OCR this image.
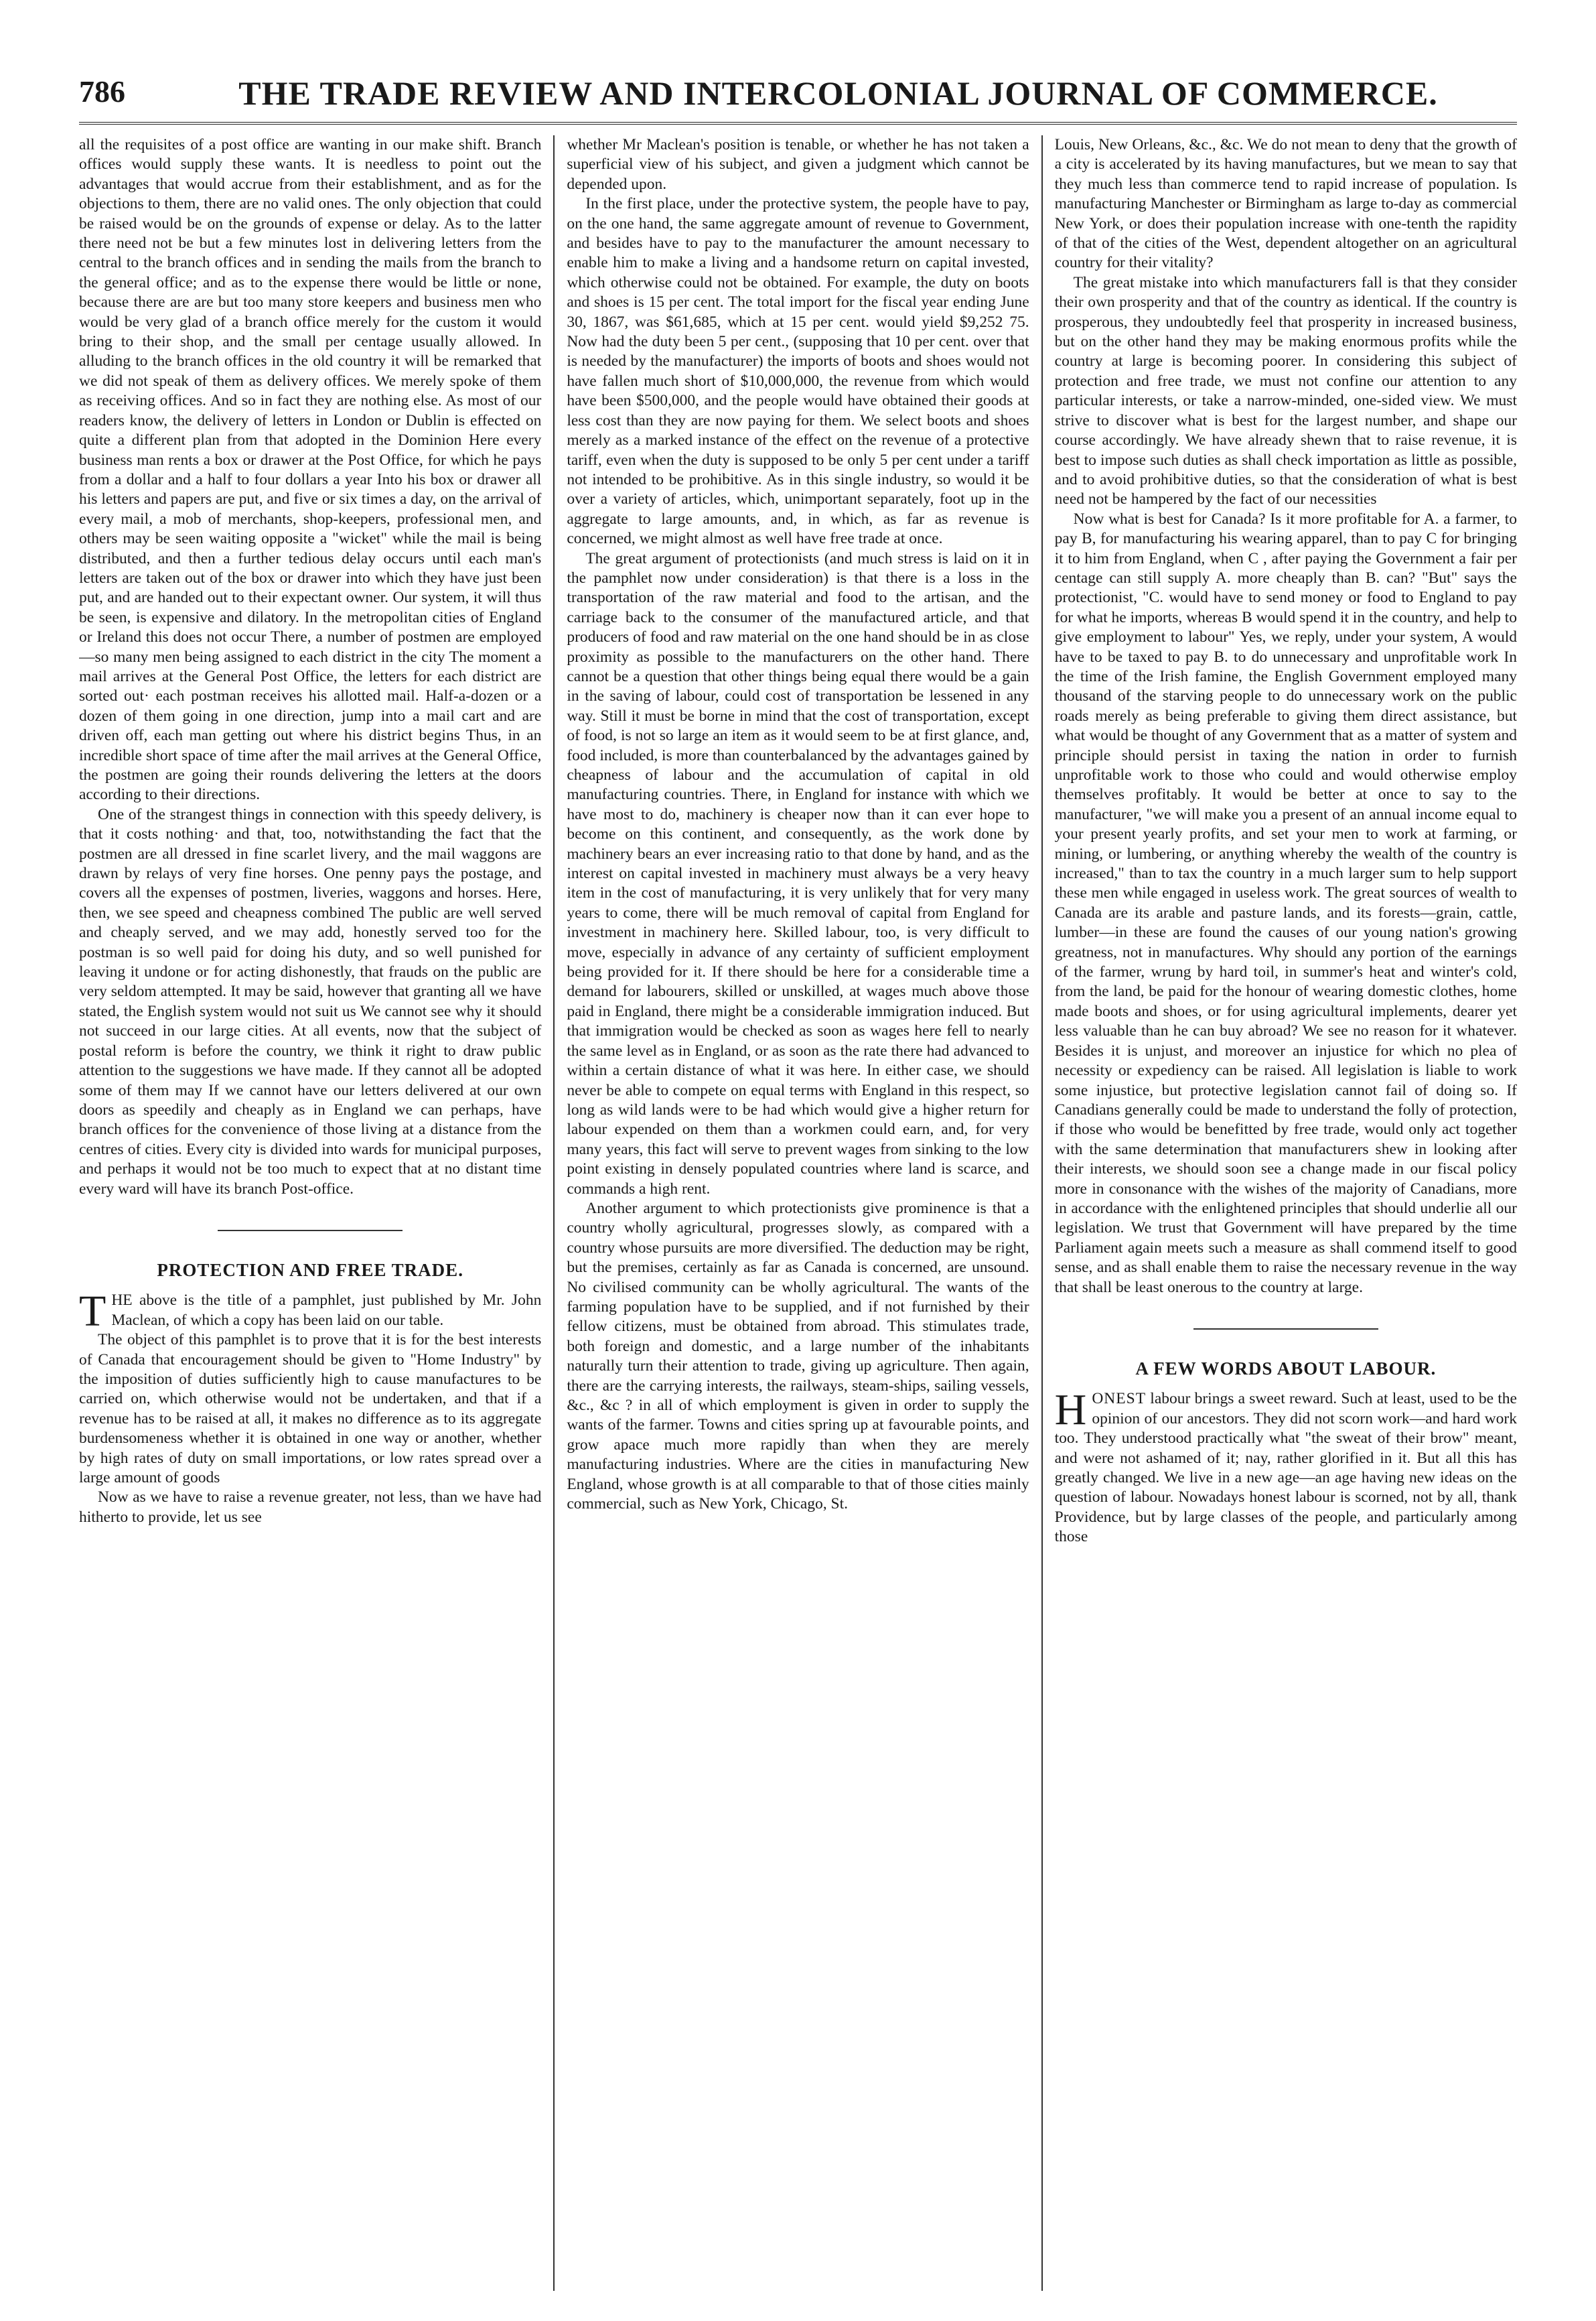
786	THE TRADE REVIEW AND INTERCOLONIAL JOURNAL OF COMMERCE.

all the requisites of a post office are wanting in our make shift. Branch offices would supply these wants. It is needless to point out the advantages that would accrue from their establishment, and as for the objections to them, there are no valid ones. The only objection that could be raised would be on the grounds of expense or delay. As to the latter there need not be but a few minutes lost in delivering letters from the central to the branch offices and in sending the mails from the branch to the general office; and as to the expense there would be little or none, because there are are but too many store keepers and business men who would be very glad of a branch office merely for the custom it would bring to their shop, and the small per centage usually allowed. In alluding to the branch offices in the old country it will be remarked that we did not speak of them as delivery offices. We merely spoke of them as receiving offices. And so in fact they are nothing else. As most of our readers know, the delivery of letters in London or Dublin is effected on quite a different plan from that adopted in the Dominion Here every business man rents a box or drawer at the Post Office, for which he pays from a dollar and a half to four dollars a year Into his box or drawer all his letters and papers are put, and five or six times a day, on the arrival of every mail, a mob of merchants, shop-keepers, professional men, and others may be seen waiting opposite a "wicket" while the mail is being distributed, and then a further tedious delay occurs until each man's letters are taken out of the box or drawer into which they have just been put, and are handed out to their expectant owner. Our system, it will thus be seen, is expensive and dilatory. In the metropolitan cities of England or Ireland this does not occur There, a number of postmen are employed—so many men being assigned to each district in the city The moment a mail arrives at the General Post Office, the letters for each district are sorted out· each postman receives his allotted mail. Half-a-dozen or a dozen of them going in one direction, jump into a mail cart and are driven off, each man getting out where his district begins Thus, in an incredible short space of time after the mail arrives at the General Office, the postmen are going their rounds delivering the letters at the doors according to their directions.

One of the strangest things in connection with this speedy delivery, is that it costs nothing· and that, too, notwithstanding the fact that the postmen are all dressed in fine scarlet livery, and the mail waggons are drawn by relays of very fine horses. One penny pays the postage, and covers all the expenses of postmen, liveries, waggons and horses. Here, then, we see speed and cheapness combined The public are well served and cheaply served, and we may add, honestly served too for the postman is so well paid for doing his duty, and so well punished for leaving it undone or for acting dishonestly, that frauds on the public are very seldom attempted. It may be said, however that granting all we have stated, the English system would not suit us We cannot see why it should not succeed in our large cities. At all events, now that the subject of postal reform is before the country, we think it right to draw public attention to the suggestions we have made. If they cannot all be adopted some of them may If we cannot have our letters delivered at our own doors as speedily and cheaply as in England we can perhaps, have branch offices for the convenience of those living at a distance from the centres of cities. Every city is divided into wards for municipal purposes, and perhaps it would not be too much to expect that at no distant time every ward will have its branch Post-office.

PROTECTION AND FREE TRADE.

THE above is the title of a pamphlet, just published by Mr. John Maclean, of which a copy has been laid on our table.

The object of this pamphlet is to prove that it is for the best interests of Canada that encouragement should be given to "Home Industry" by the imposition of duties sufficiently high to cause manufactures to be carried on, which otherwise would not be undertaken, and that if a revenue has to be raised at all, it makes no difference as to its aggregate burdensomeness whether it is obtained in one way or another, whether by high rates of duty on small importations, or low rates spread over a large amount of goods

Now as we have to raise a revenue greater, not less, than we have had hitherto to provide, let us see

whether Mr Maclean's position is tenable, or whether he has not taken a superficial view of his subject, and given a judgment which cannot be depended upon.

In the first place, under the protective system, the people have to pay, on the one hand, the same aggregate amount of revenue to Government, and besides have to pay to the manufacturer the amount necessary to enable him to make a living and a handsome return on capital invested, which otherwise could not be obtained. For example, the duty on boots and shoes is 15 per cent. The total import for the fiscal year ending June 30, 1867, was $61,685, which at 15 per cent. would yield $9,252 75. Now had the duty been 5 per cent., (supposing that 10 per cent. over that is needed by the manufacturer) the imports of boots and shoes would not have fallen much short of $10,000,000, the revenue from which would have been $500,000, and the people would have obtained their goods at less cost than they are now paying for them. We select boots and shoes merely as a marked instance of the effect on the revenue of a protective tariff, even when the duty is supposed to be only 5 per cent under a tariff not intended to be prohibitive. As in this single industry, so would it be over a variety of articles, which, unimportant separately, foot up in the aggregate to large amounts, and, in which, as far as revenue is concerned, we might almost as well have free trade at once.

The great argument of protectionists (and much stress is laid on it in the pamphlet now under consideration) is that there is a loss in the transportation of the raw material and food to the artisan, and the carriage back to the consumer of the manufactured article, and that producers of food and raw material on the one hand should be in as close proximity as possible to the manufacturers on the other hand. There cannot be a question that other things being equal there would be a gain in the saving of labour, could cost of transportation be lessened in any way. Still it must be borne in mind that the cost of transportation, except of food, is not so large an item as it would seem to be at first glance, and, food included, is more than counterbalanced by the advantages gained by cheapness of labour and the accumulation of capital in old manufacturing countries. There, in England for instance with which we have most to do, machinery is cheaper now than it can ever hope to become on this continent, and consequently, as the work done by machinery bears an ever increasing ratio to that done by hand, and as the interest on capital invested in machinery must always be a very heavy item in the cost of manufacturing, it is very unlikely that for very many years to come, there will be much removal of capital from England for investment in machinery here. Skilled labour, too, is very difficult to move, especially in advance of any certainty of sufficient employment being provided for it. If there should be here for a considerable time a demand for labourers, skilled or unskilled, at wages much above those paid in England, there might be a considerable immigration induced. But that immigration would be checked as soon as wages here fell to nearly the same level as in England, or as soon as the rate there had advanced to within a certain distance of what it was here. In either case, we should never be able to compete on equal terms with England in this respect, so long as wild lands were to be had which would give a higher return for labour expended on them than a workmen could earn, and, for very many years, this fact will serve to prevent wages from sinking to the low point existing in densely populated countries where land is scarce, and commands a high rent.

Another argument to which protectionists give prominence is that a country wholly agricultural, progresses slowly, as compared with a country whose pursuits are more diversified. The deduction may be right, but the premises, certainly as far as Canada is concerned, are unsound. No civilised community can be wholly agricultural. The wants of the farming population have to be supplied, and if not furnished by their fellow citizens, must be obtained from abroad. This stimulates trade, both foreign and domestic, and a large number of the inhabitants naturally turn their attention to trade, giving up agriculture. Then again, there are the carrying interests, the railways, steam-ships, sailing vessels, &c., &c ? in all of which employment is given in order to supply the wants of the farmer. Towns and cities spring up at favourable points, and grow apace much more rapidly than when they are merely manufacturing industries. Where are the cities in manufacturing New England, whose growth is at all comparable to that of those cities mainly commercial, such as New York, Chicago, St.

Louis, New Orleans, &c., &c. We do not mean to deny that the growth of a city is accelerated by its having manufactures, but we mean to say that they much less than commerce tend to rapid increase of population. Is manufacturing Manchester or Birmingham as large to-day as commercial New York, or does their population increase with one-tenth the rapidity of that of the cities of the West, dependent altogether on an agricultural country for their vitality?

The great mistake into which manufacturers fall is that they consider their own prosperity and that of the country as identical. If the country is prosperous, they undoubtedly feel that prosperity in increased business, but on the other hand they may be making enormous profits while the country at large is becoming poorer. In considering this subject of protection and free trade, we must not confine our attention to any particular interests, or take a narrow-minded, one-sided view. We must strive to discover what is best for the largest number, and shape our course accordingly. We have already shewn that to raise revenue, it is best to impose such duties as shall check importation as little as possible, and to avoid prohibitive duties, so that the consideration of what is best need not be hampered by the fact of our necessities

Now what is best for Canada? Is it more profitable for A. a farmer, to pay B, for manufacturing his wearing apparel, than to pay C for bringing it to him from England, when C , after paying the Government a fair per centage can still supply A. more cheaply than B. can? "But" says the protectionist, "C. would have to send money or food to England to pay for what he imports, whereas B would spend it in the country, and help to give employment to labour" Yes, we reply, under your system, A would have to be taxed to pay B. to do unnecessary and unprofitable work In the time of the Irish famine, the English Government employed many thousand of the starving people to do unnecessary work on the public roads merely as being preferable to giving them direct assistance, but what would be thought of any Government that as a matter of system and principle should persist in taxing the nation in order to furnish unprofitable work to those who could and would otherwise employ themselves profitably. It would be better at once to say to the manufacturer, "we will make you a present of an annual income equal to your present yearly profits, and set your men to work at farming, or mining, or lumbering, or anything whereby the wealth of the country is increased," than to tax the country in a much larger sum to help support these men while engaged in useless work. The great sources of wealth to Canada are its arable and pasture lands, and its forests—grain, cattle, lumber—in these are found the causes of our young nation's growing greatness, not in manufactures. Why should any portion of the earnings of the farmer, wrung by hard toil, in summer's heat and winter's cold, from the land, be paid for the honour of wearing domestic clothes, home made boots and shoes, or for using agricultural implements, dearer yet less valuable than he can buy abroad? We see no reason for it whatever. Besides it is unjust, and moreover an injustice for which no plea of necessity or expediency can be raised. All legislation is liable to work some injustice, but protective legislation cannot fail of doing so. If Canadians generally could be made to understand the folly of protection, if those who would be benefitted by free trade, would only act together with the same determination that manufacturers shew in looking after their interests, we should soon see a change made in our fiscal policy more in consonance with the wishes of the majority of Canadians, more in accordance with the enlightened principles that should underlie all our legislation. We trust that Government will have prepared by the time Parliament again meets such a measure as shall commend itself to good sense, and as shall enable them to raise the necessary revenue in the way that shall be least onerous to the country at large.

A FEW WORDS ABOUT LABOUR.

HONEST labour brings a sweet reward. Such at least, used to be the opinion of our ancestors. They did not scorn work—and hard work too. They understood practically what "the sweat of their brow" meant, and were not ashamed of it; nay, rather glorified in it. But all this has greatly changed. We live in a new age—an age having new ideas on the question of labour. Nowadays honest labour is scorned, not by all, thank Providence, but by large classes of the people, and particularly among those
